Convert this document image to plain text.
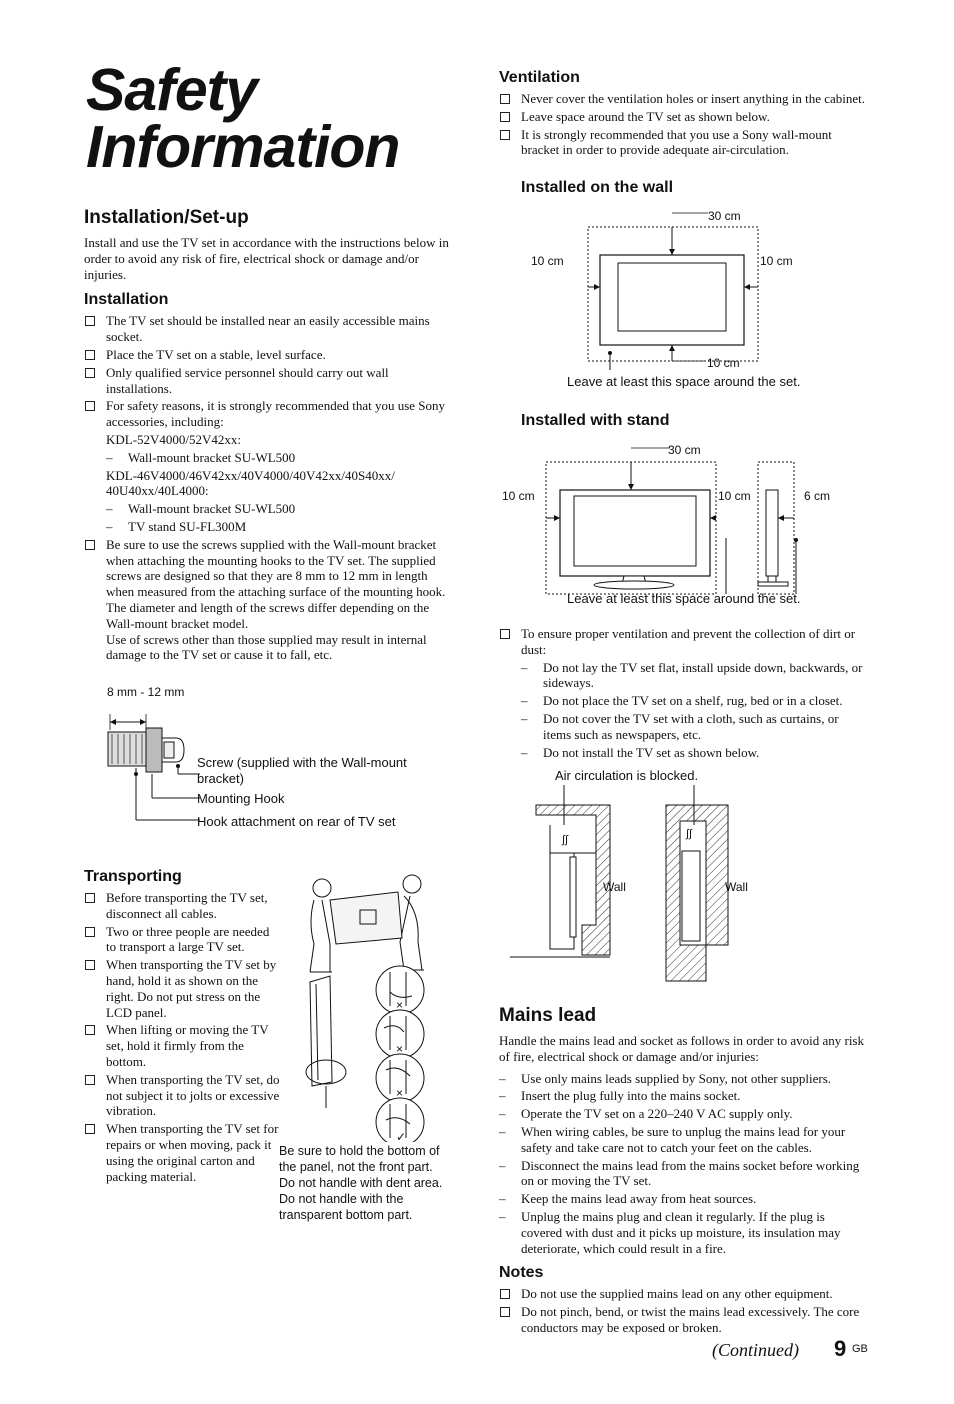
Safety
Information
Installation/Set-up
Install and use the TV set in accordance with the instructions below in order to avoid any risk of fire, electrical shock or damage and/or injuries.
Installation
The TV set should be installed near an easily accessible mains socket.
Place the TV set on a stable, level surface.
Only qualified service personnel should carry out wall installations.
For safety reasons, it is strongly recommended that you use Sony accessories, including:
KDL-52V4000/52V42xx:
– Wall-mount bracket SU-WL500
KDL-46V4000/46V42xx/40V4000/40V42xx/40S40xx/ 40U40xx/40L4000:
– Wall-mount bracket SU-WL500
– TV stand SU-FL300M
Be sure to use the screws supplied with the Wall-mount bracket when attaching the mounting hooks to the TV set. The supplied screws are designed so that they are 8 mm to 12 mm in length when measured from the attaching surface of the mounting hook.
The diameter and length of the screws differ depending on the Wall-mount bracket model.
Use of screws other than those supplied may result in internal damage to the TV set or cause it to fall, etc.
8 mm - 12 mm
Screw (supplied with the Wall-mount bracket)
Mounting Hook
Hook attachment on rear of TV set
Transporting
Before transporting the TV set, disconnect all cables.
Two or three people are needed to transport a large TV set.
When transporting the TV set by hand, hold it as shown on the right. Do not put stress on the LCD panel.
When lifting or moving the TV set, hold it firmly from the bottom.
When transporting the TV set, do not subject it to jolts or excessive vibration.
When transporting the TV set for repairs or when moving, pack it using the original carton and packing material.
×
×
×
✓
Be sure to hold the bottom of the panel, not the front part.
Do not handle with dent area.
Do not handle with the transparent bottom part.
Ventilation
Never cover the ventilation holes or insert anything in the cabinet.
Leave space around the TV set as shown below.
It is strongly recommended that you use a Sony wall-mount bracket in order to provide adequate air-circulation.
Installed on the wall
30 cm
10 cm	10 cm
10 cm
Leave at least this space around the set.
Installed with stand
30 cm
10 cm	10 cm	6 cm
Leave at least this space around the set.
To ensure proper ventilation and prevent the collection of dirt or dust:
– Do not lay the TV set flat, install upside down, backwards, or sideways.
– Do not place the TV set on a shelf, rug, bed or in a closet.
– Do not cover the TV set with a cloth, such as curtains, or items such as newspapers, etc.
– Do not install the TV set as shown below.
Air circulation is blocked.
∫∫	∫∫
Wall	Wall
Mains lead
Handle the mains lead and socket as follows in order to avoid any risk of fire, electrical shock or damage and/or injuries:
– Use only mains leads supplied by Sony, not other suppliers.
– Insert the plug fully into the mains socket.
– Operate the TV set on a 220–240 V AC supply only.
– When wiring cables, be sure to unplug the mains lead for your safety and take care not to catch your feet on the cables.
– Disconnect the mains lead from the mains socket before working on or moving the TV set.
– Keep the mains lead away from heat sources.
– Unplug the mains plug and clean it regularly. If the plug is covered with dust and it picks up moisture, its insulation may deteriorate, which could result in a fire.
Notes
Do not use the supplied mains lead on any other equipment.
Do not pinch, bend, or twist the mains lead excessively. The core conductors may be exposed or broken.
(Continued) 9 GB
